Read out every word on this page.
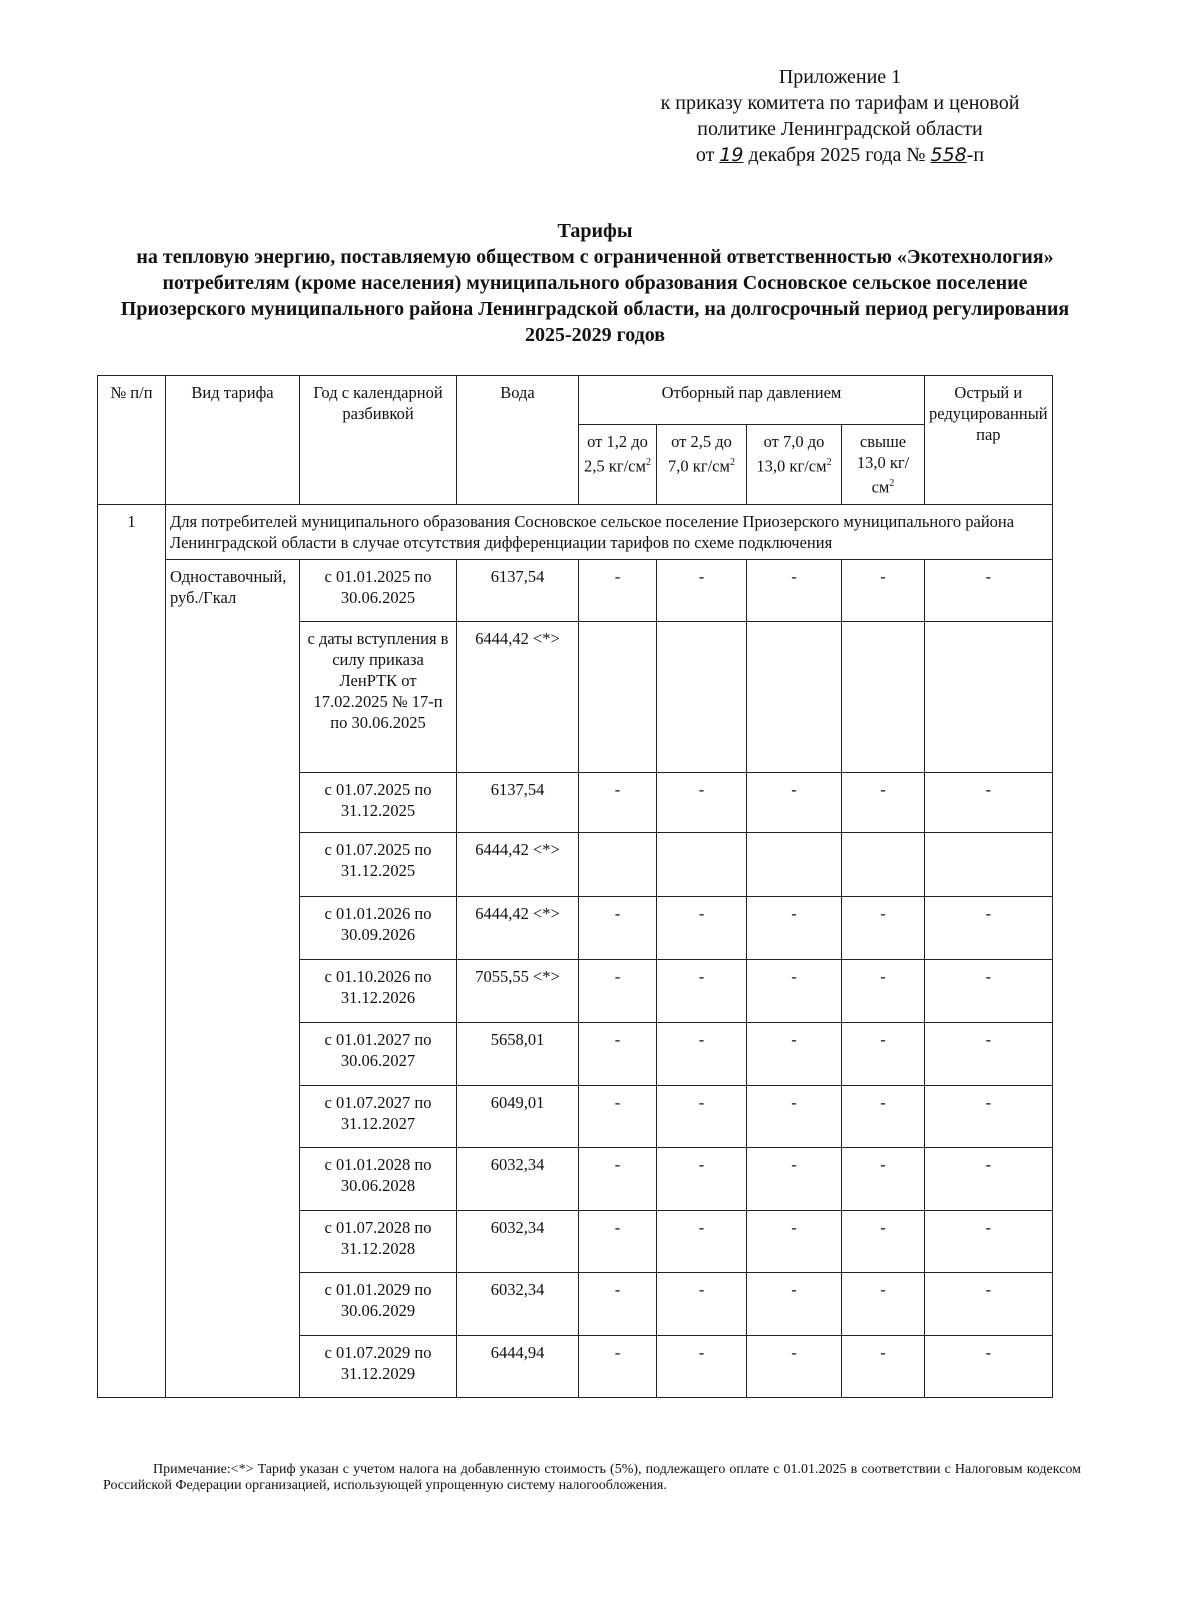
Приложение 1
к приказу комитета по тарифам и ценовой
политике Ленинградской области
от 19 декабря 2025 года № 558-п
Тарифы
на тепловую энергию, поставляемую обществом с ограниченной ответственностью «Экотехнология» потребителям (кроме населения) муниципального образования Сосновское сельское поселение Приозерского муниципального района Ленинградской области, на долгосрочный период регулирования 2025-2029 годов
№ п/п	Вид тарифа	Год с календарной разбивкой	Вода	Отборный пар давлением				Острый и редуцированный пар
				от 1,2 до 2,5 $кг/см^2$	от 2,5 до 7,0 $кг/см^2$	от 7,0 до 13,0 $кг/см^2$	свыше 13,0 $кг/см^2$
1	Для потребителей муниципального образования Сосновское сельское поселение Приозерского муниципального района Ленинградской области в случае отсутствия дифференциации тарифов по схеме подключения							
	Одноставочный, руб./Гкал	с 01.01.2025 по 30.06.2025	6137,54	-	-	-	-	-
		с даты вступления в силу приказа ЛенРТК от 17.02.2025 № 17-п по 30.06.2025	6444,42 <*>					
		с 01.07.2025 по 31.12.2025	6137,54	-	-	-	-	-
		с 01.07.2025 по 31.12.2025	6444,42 <*>					
		с 01.01.2026 по 30.09.2026	6444,42 <*>	-	-	-	-	-
		с 01.10.2026 по 31.12.2026	7055,55 <*>	-	-	-	-	-
		с 01.01.2027 по 30.06.2027	5658,01	-	-	-	-	-
		с 01.07.2027 по 31.12.2027	6049,01	-	-	-	-	-
		с 01.01.2028 по 30.06.2028	6032,34	-	-	-	-	-
		с 01.07.2028 по 31.12.2028	6032,34	-	-	-	-	-
		с 01.01.2029 по 30.06.2029	6032,34	-	-	-	-	-
		с 01.07.2029 по 31.12.2029	6444,94	-	-	-	-	-
Примечание:<*> Тариф указан с учетом налога на добавленную стоимость (5%), подлежащего оплате с 01.01.2025 в соответствии с Налоговым кодексом Российской Федерации организацией, использующей упрощенную систему налогообложения.
